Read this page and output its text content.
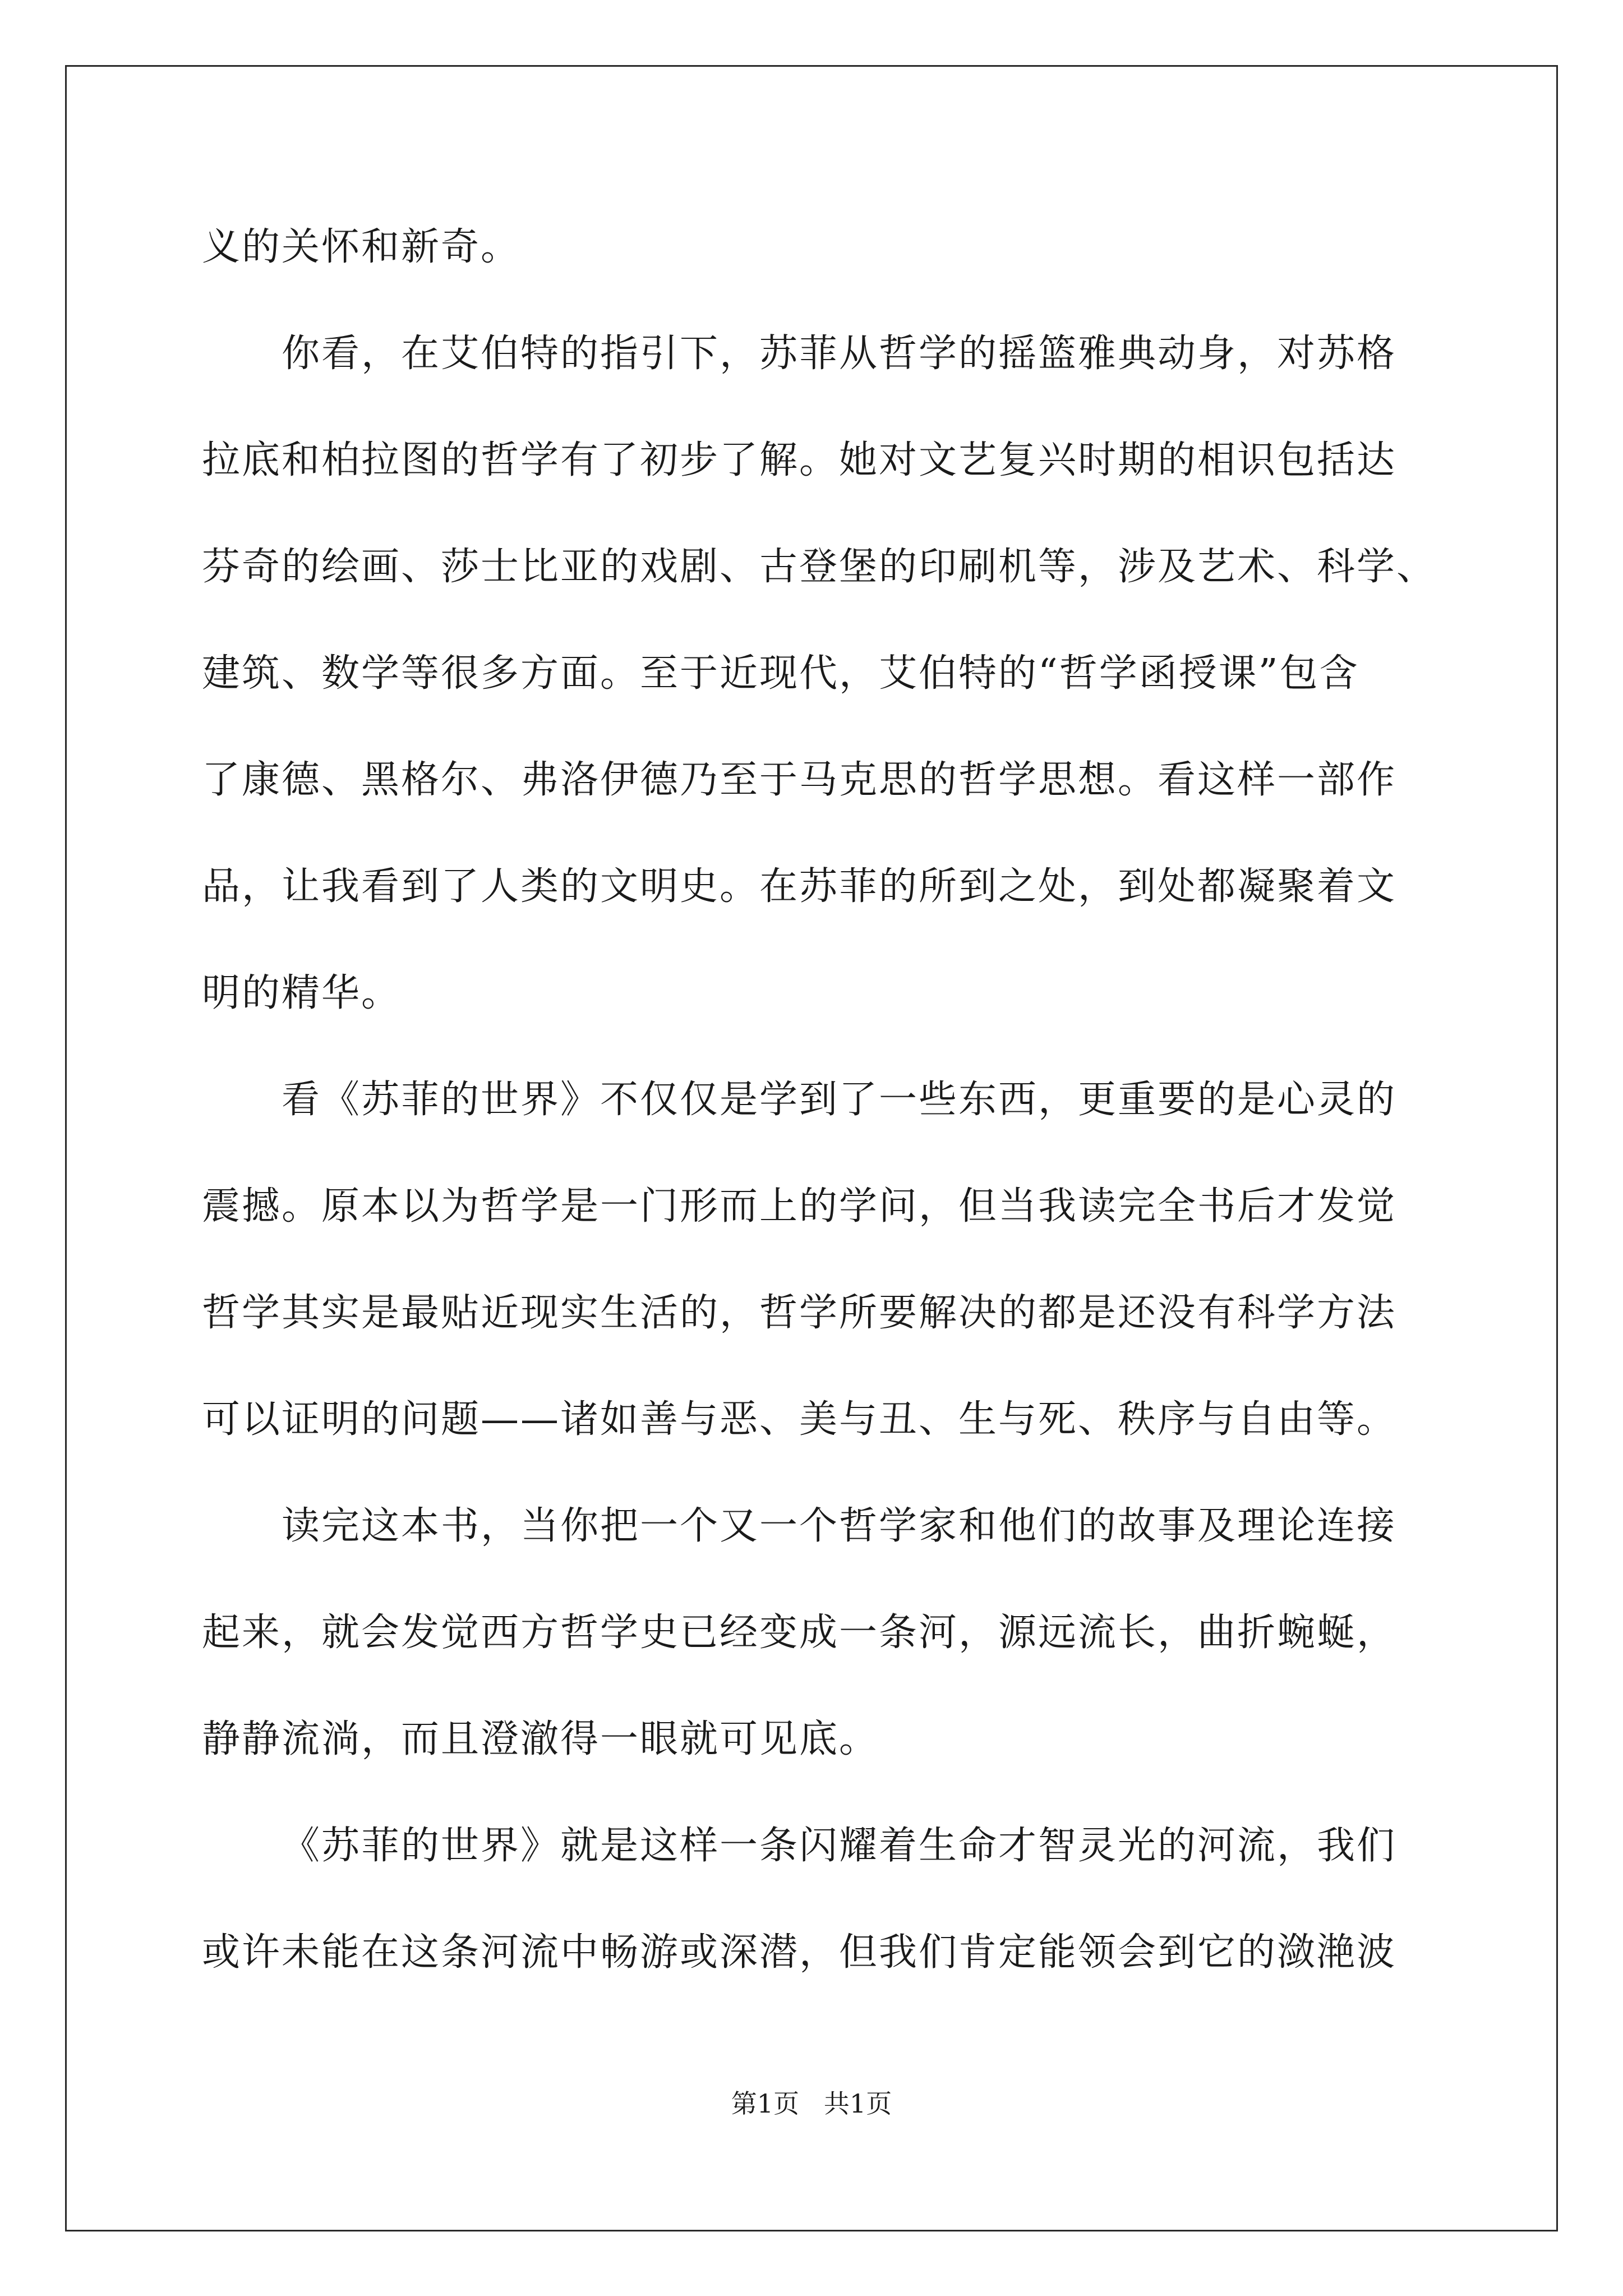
义的关怀和新奇。
你看，在艾伯特的指引下，苏菲从哲学的摇篮雅典动身，对苏格
拉底和柏拉图的哲学有了初步了解。她对文艺复兴时期的相识包括达
芬奇的绘画、莎士比亚的戏剧、古登堡的印刷机等，涉及艺术、科学、
建筑、数学等很多方面。至于近现代，艾伯特的“哲学函授课”包含
了康德、黑格尔、弗洛伊德乃至于马克思的哲学思想。看这样一部作
品，让我看到了人类的文明史。在苏菲的所到之处，到处都凝聚着文
明的精华。
看《苏菲的世界》不仅仅是学到了一些东西，更重要的是心灵的
震撼。原本以为哲学是一门形而上的学问，但当我读完全书后才发觉
哲学其实是最贴近现实生活的，哲学所要解决的都是还没有科学方法
可以证明的问题——诸如善与恶、美与丑、生与死、秩序与自由等。
读完这本书，当你把一个又一个哲学家和他们的故事及理论连接
起来，就会发觉西方哲学史已经变成一条河，源远流长，曲折蜿蜒，
静静流淌，而且澄澈得一眼就可见底。
《苏菲的世界》就是这样一条闪耀着生命才智灵光的河流，我们
或许未能在这条河流中畅游或深潜，但我们肯定能领会到它的潋滟波
第1页   共1页
